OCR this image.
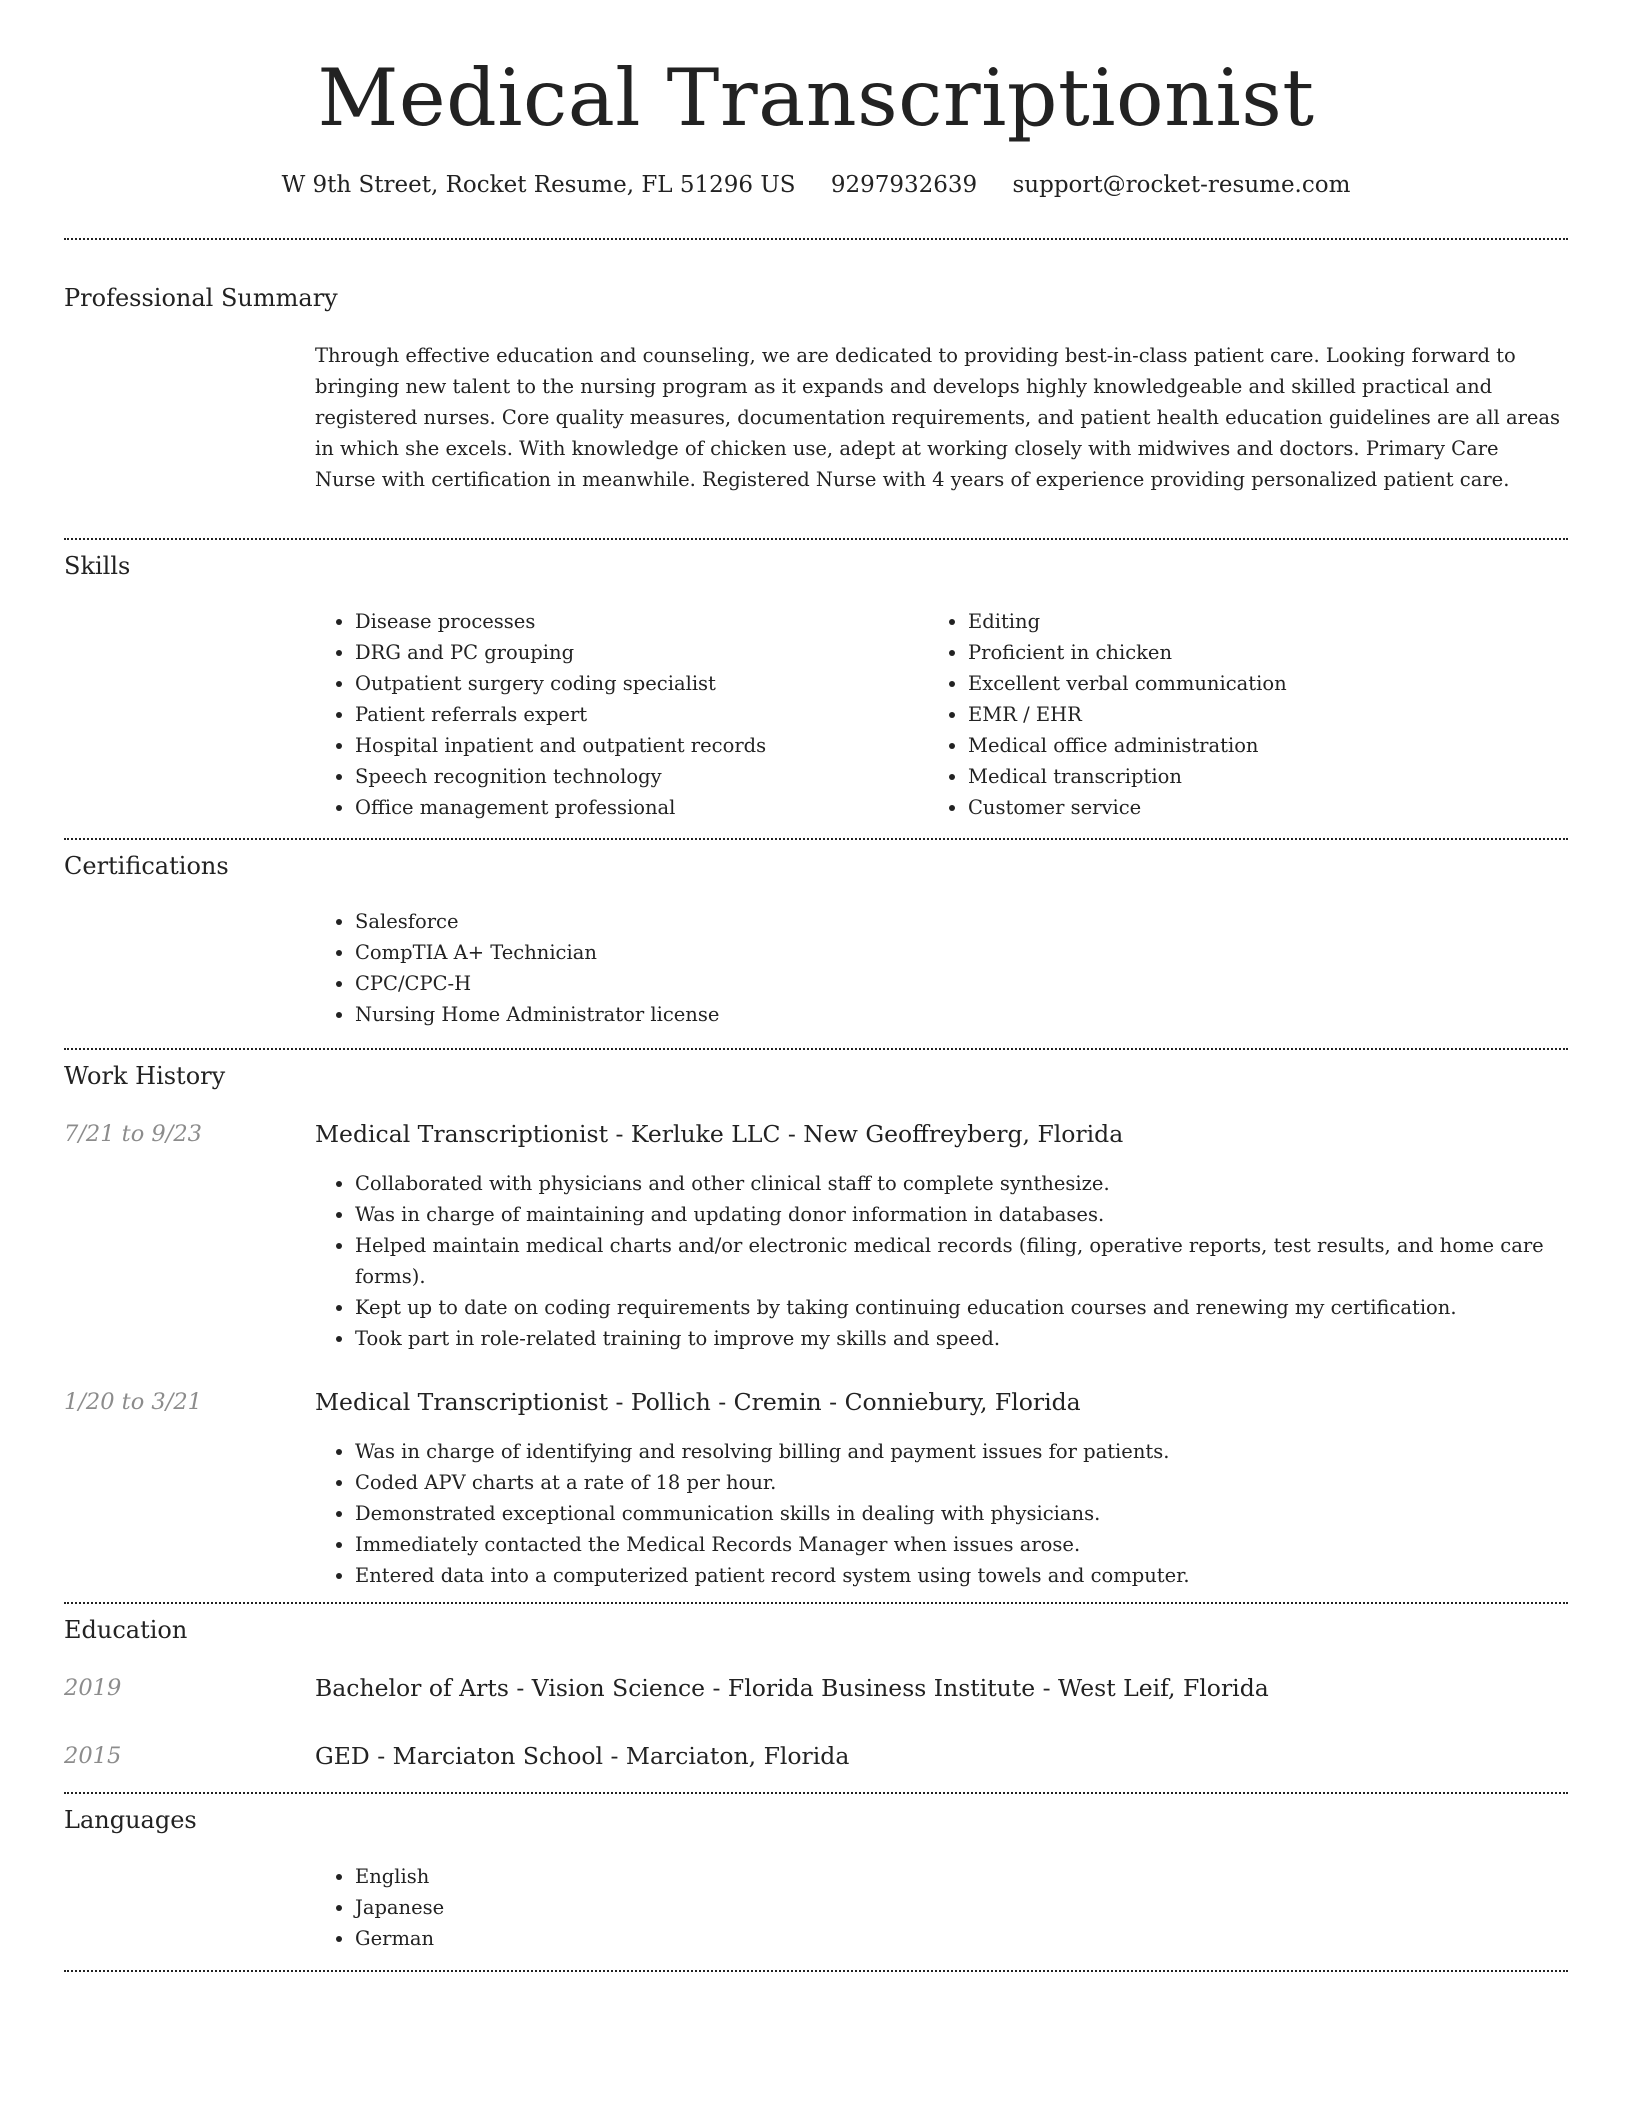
Medical Transcriptionist
W 9th Street, Rocket Resume, FL 51296 US 9297932639 support@rocket-resume.com
Professional Summary

Through effective education and counseling, we are dedicated to providing best-in-class patient care. Looking forward to bringing new talent to the nursing program as it expands and develops highly knowledgeable and skilled practical and registered nurses. Core quality measures, documentation requirements, and patient health education guidelines are all areas in which she excels. With knowledge of chicken use, adept at working closely with midwives and doctors. Primary Care Nurse with certification in meanwhile. Registered Nurse with 4 years of experience providing personalized patient care.

Skills
• Disease processes
• DRG and PC grouping
• Outpatient surgery coding specialist
• Patient referrals expert
• Hospital inpatient and outpatient records
• Speech recognition technology
• Office management professional
• Editing
• Proficient in chicken
• Excellent verbal communication
• EMR / EHR
• Medical office administration
• Medical transcription
• Customer service
Certifications
• Salesforce
• CompTIA A+ Technician
• CPC/CPC-H
• Nursing Home Administrator license
Work History
7/21 to 9/23	Medical Transcriptionist - Kerluke LLC - New Geoffreyberg, Florida
• Collaborated with physicians and other clinical staff to complete synthesize.
• Was in charge of maintaining and updating donor information in databases.
• Helped maintain medical charts and/or electronic medical records (filing, operative reports, test results, and home care forms).
• Kept up to date on coding requirements by taking continuing education courses and renewing my certification.
• Took part in role-related training to improve my skills and speed.
1/20 to 3/21	Medical Transcriptionist - Pollich - Cremin - Conniebury, Florida
• Was in charge of identifying and resolving billing and payment issues for patients.
• Coded APV charts at a rate of 18 per hour.
• Demonstrated exceptional communication skills in dealing with physicians.
• Immediately contacted the Medical Records Manager when issues arose.
• Entered data into a computerized patient record system using towels and computer.
Education
2019	Bachelor of Arts - Vision Science - Florida Business Institute - West Leif, Florida
2015	GED - Marciaton School - Marciaton, Florida
Languages
• English
• Japanese
• German
